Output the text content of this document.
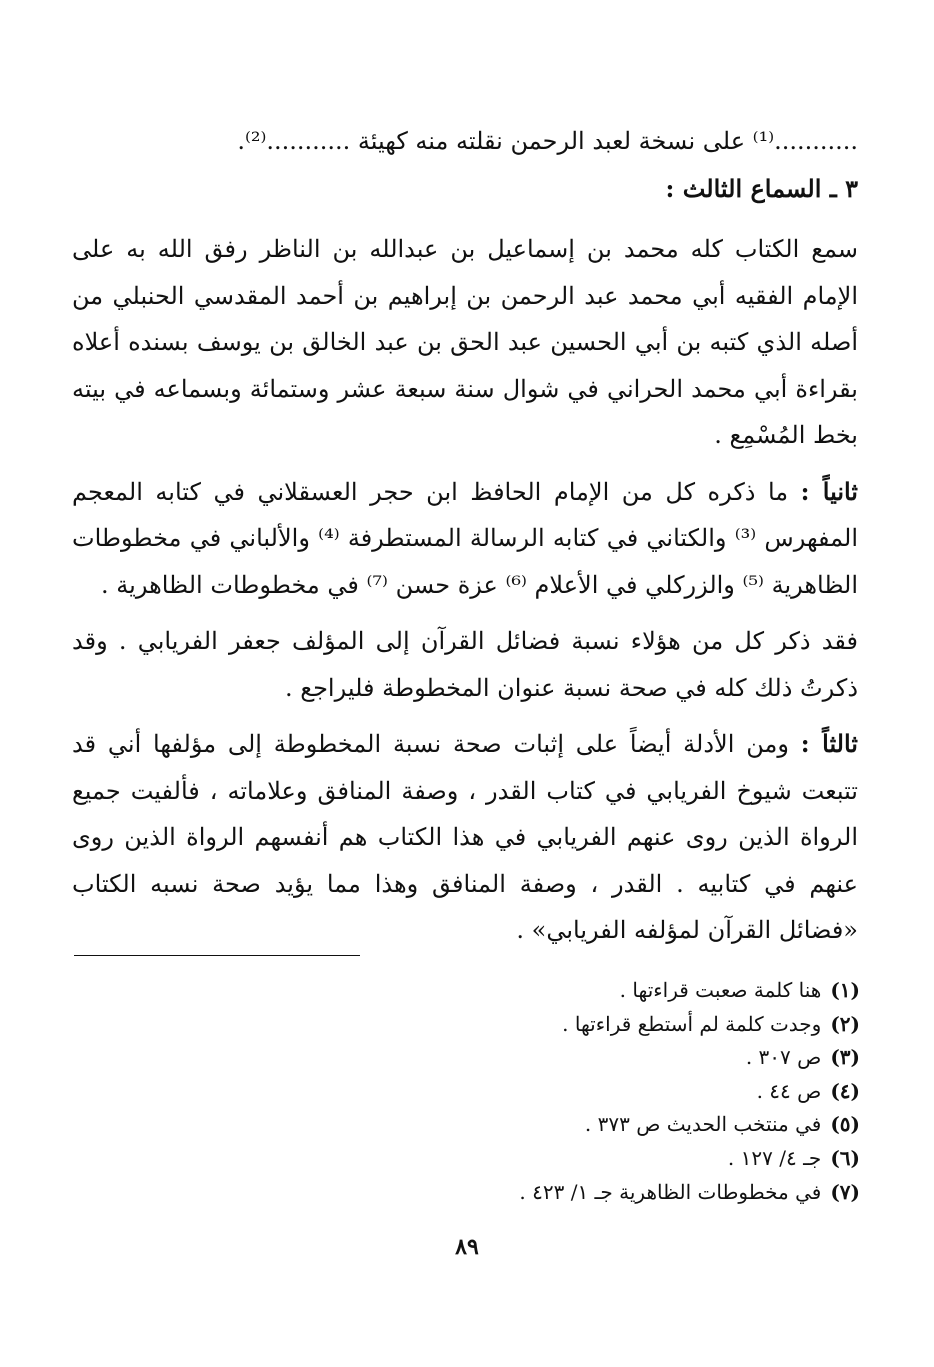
...........⁽¹⁾ على نسخة لعبد الرحمن نقلته منه كهيئة ...........⁽²⁾.

٣ ـ السماع الثالث :

سمع الكتاب كله محمد بن إسماعيل بن عبدالله بن الناظر رفق الله به على الإمام الفقيه أبي محمد عبد الرحمن بن إبراهيم بن أحمد المقدسي الحنبلي من أصله الذي كتبه بن أبي الحسين عبد الحق بن عبد الخالق بن يوسف بسنده أعلاه بقراءة أبي محمد الحراني في شوال سنة سبعة عشر وستمائة وبسماعه في بيته بخط المُسْمِع .

ثانياً : ما ذكره كل من الإمام الحافظ ابن حجر العسقلاني في كتابه المعجم المفهرس ⁽³⁾ والكتاني في كتابه الرسالة المستطرفة ⁽⁴⁾ والألباني في مخطوطات الظاهرية ⁽⁵⁾ والزركلي في الأعلام ⁽⁶⁾ عزة حسن ⁽⁷⁾ في مخطوطات الظاهرية .

فقد ذكر كل من هؤلاء نسبة فضائل القرآن إلى المؤلف جعفر الفريابي . وقد ذكرتُ ذلك كله في صحة نسبة عنوان المخطوطة فليراجع .

ثالثاً : ومن الأدلة أيضاً على إثبات صحة نسبة المخطوطة إلى مؤلفها أني قد تتبعت شيوخ الفريابي في كتاب القدر ، وصفة المنافق وعلاماته ، فألفيت جميع الرواة الذين روى عنهم الفريابي في هذا الكتاب هم أنفسهم الرواة الذين روى عنهم في كتابيه . القدر ، وصفة المنافق وهذا مما يؤيد صحة نسبه الكتاب «فضائل القرآن لمؤلفه الفريابي» .

(١)هنا كلمة صعبت قراءتها .
(٢)وجدت كلمة لم أستطع قراءتها .
(٣)ص ٣٠٧ .
(٤)ص ٤٤ .
(٥)في منتخب الحديث ص ٣٧٣ .
(٦)جـ ٤/ ١٢٧ .
(٧)في مخطوطات الظاهرية جـ ١/ ٤٢٣ .
٨٩
